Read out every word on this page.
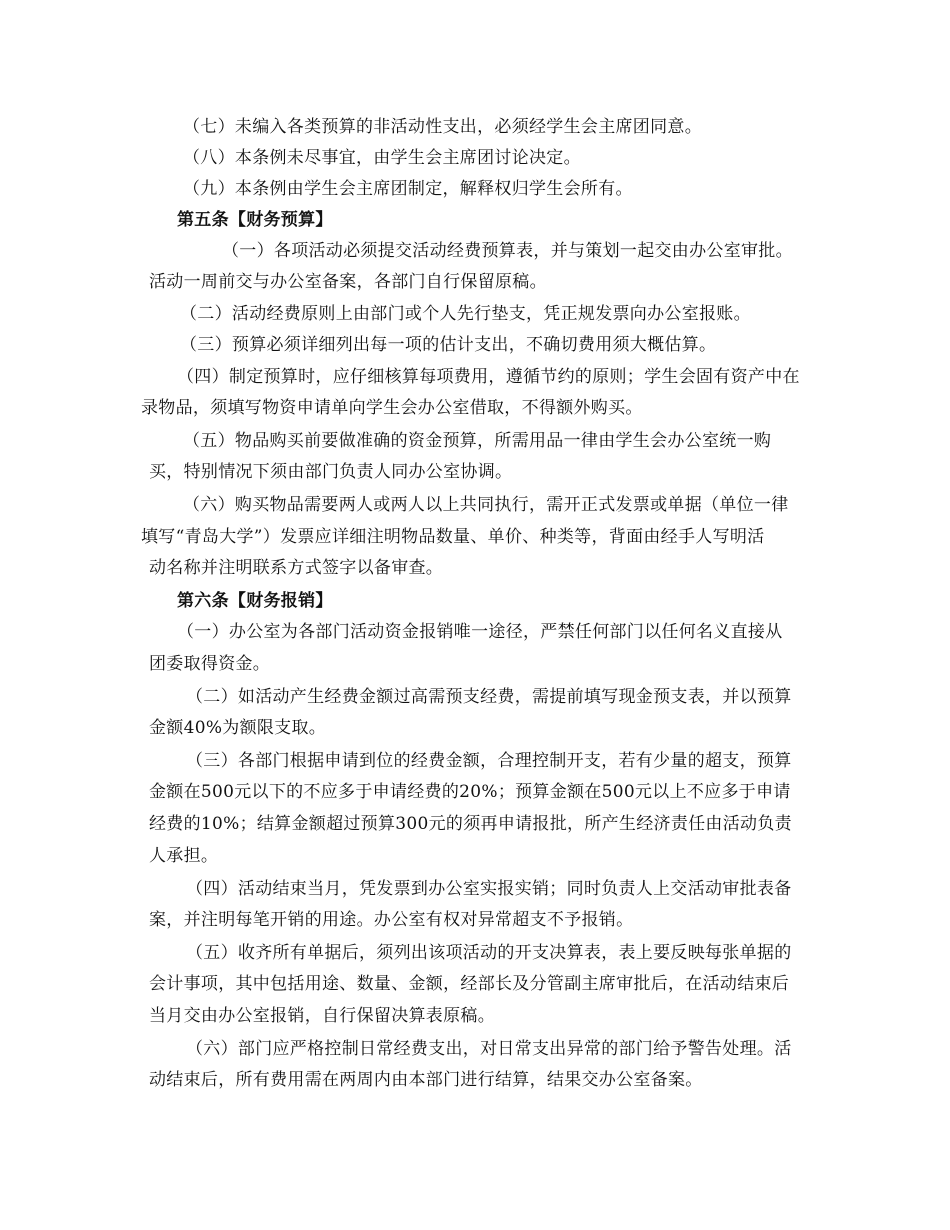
（七）未编入各类预算的非活动性支出，必须经学生会主席团同意。
（八）本条例未尽事宜，由学生会主席团讨论决定。
（九）本条例由学生会主席团制定，解释权归学生会所有。
第五条【财务预算】
（一）各项活动必须提交活动经费预算表，并与策划一起交由办公室审批。
活动一周前交与办公室备案，各部门自行保留原稿。
（二）活动经费原则上由部门或个人先行垫支，凭正规发票向办公室报账。
（三）预算必须详细列出每一项的估计支出，不确切费用须大概估算。
（四）制定预算时，应仔细核算每项费用，遵循节约的原则；学生会固有资产中在
录物品，须填写物资申请单向学生会办公室借取，不得额外购买。
（五）物品购买前要做准确的资金预算，所需用品一律由学生会办公室统一购
买，特别情况下须由部门负责人同办公室协调。
（六）购买物品需要两人或两人以上共同执行，需开正式发票或单据（单位一律
填写“青岛大学”）发票应详细注明物品数量、单价、种类等，背面由经手人写明活
动名称并注明联系方式签字以备审查。
第六条【财务报销】
（一）办公室为各部门活动资金报销唯一途径，严禁任何部门以任何名义直接从
团委取得资金。
（二）如活动产生经费金额过高需预支经费，需提前填写现金预支表，并以预算
金额40%为额限支取。
（三）各部门根据申请到位的经费金额，合理控制开支，若有少量的超支，预算
金额在500元以下的不应多于申请经费的20%；预算金额在500元以上不应多于申请
经费的10%；结算金额超过预算300元的须再申请报批，所产生经济责任由活动负责
人承担。
（四）活动结束当月，凭发票到办公室实报实销；同时负责人上交活动审批表备
案，并注明每笔开销的用途。办公室有权对异常超支不予报销。
（五）收齐所有单据后，须列出该项活动的开支决算表，表上要反映每张单据的
会计事项，其中包括用途、数量、金额，经部长及分管副主席审批后，在活动结束后
当月交由办公室报销，自行保留决算表原稿。
（六）部门应严格控制日常经费支出，对日常支出异常的部门给予警告处理。活
动结束后，所有费用需在两周内由本部门进行结算，结果交办公室备案。
